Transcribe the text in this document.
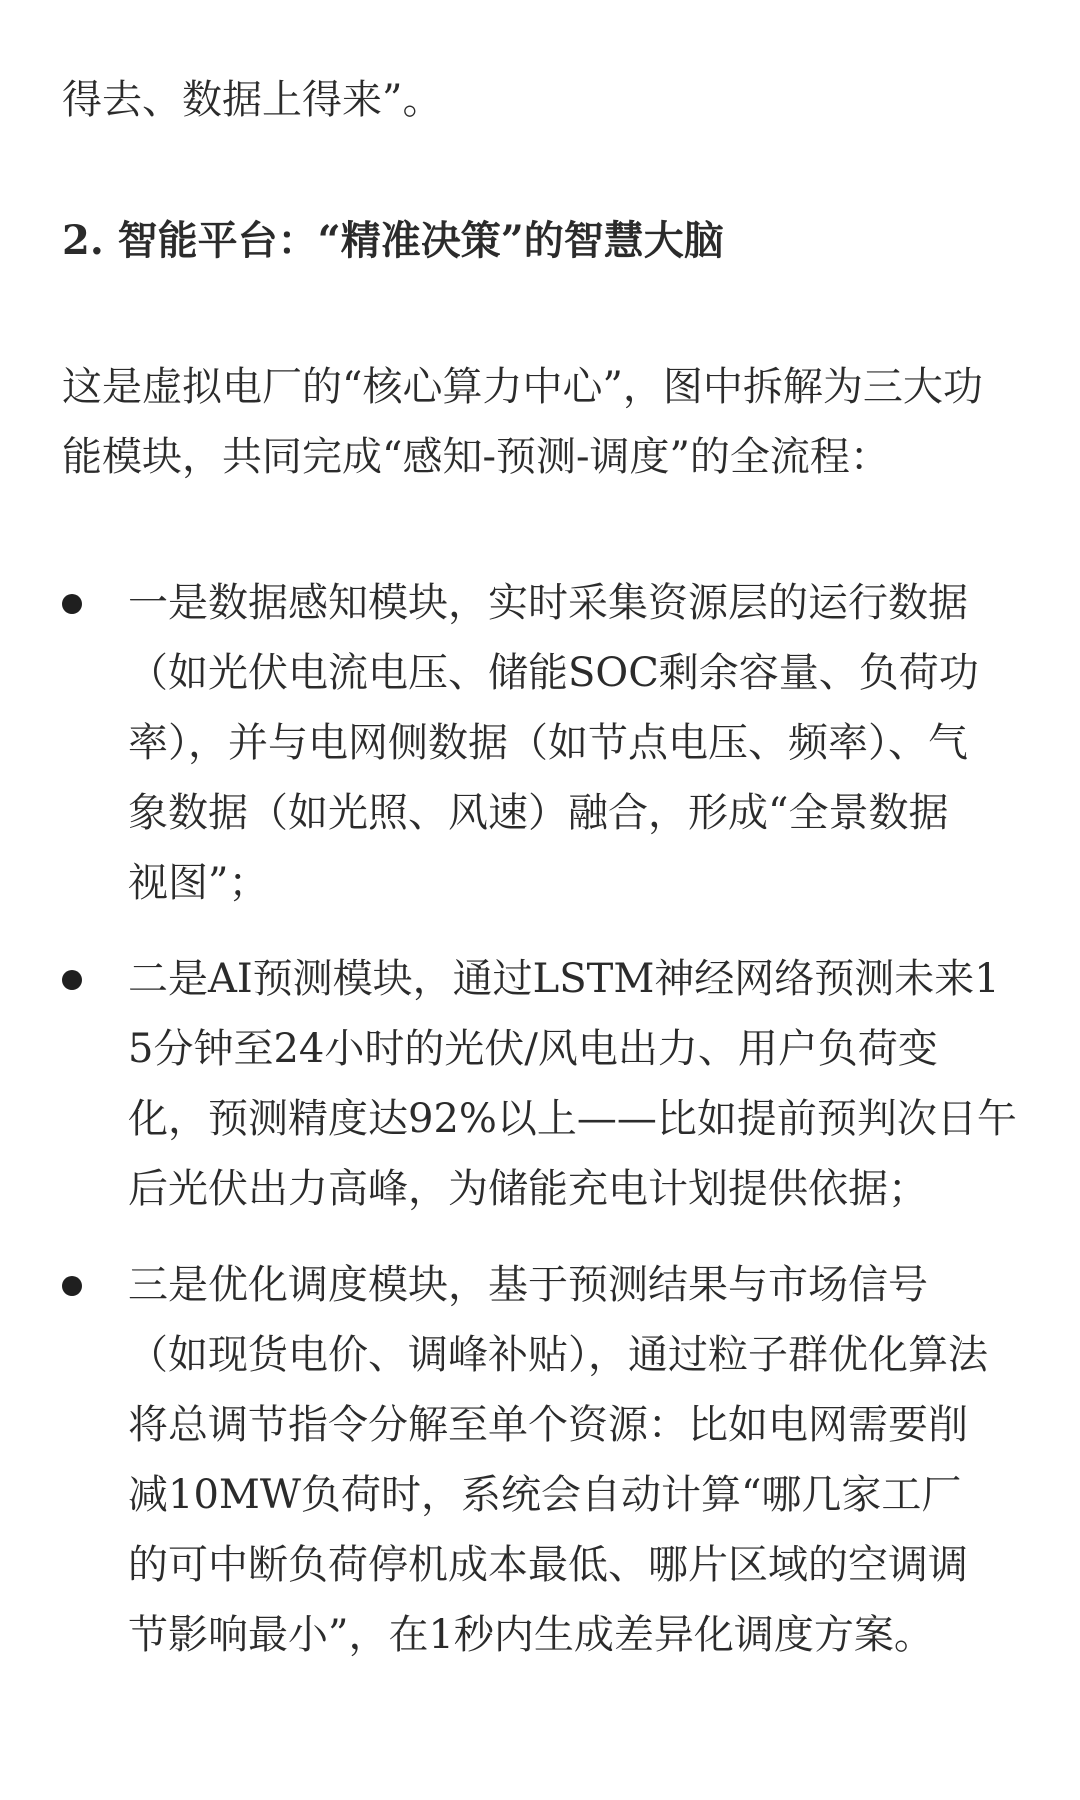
得去、数据上得来”。
2. 智能平台：“精准决策”的智慧大脑
这是虚拟电厂的“核心算力中心”，图中拆解为三大功
能模块，共同完成“感知-预测-调度”的全流程：
一是数据感知模块，实时采集资源层的运行数据
（如光伏电流电压、储能SOC剩余容量、负荷功
率），并与电网侧数据（如节点电压、频率）、气
象数据（如光照、风速）融合，形成“全景数据
视图”；
二是AI预测模块，通过LSTM神经网络预测未来1
5分钟至24小时的光伏/风电出力、用户负荷变
化，预测精度达92%以上——比如提前预判次日午
后光伏出力高峰，为储能充电计划提供依据；
三是优化调度模块，基于预测结果与市场信号
（如现货电价、调峰补贴），通过粒子群优化算法
将总调节指令分解至单个资源：比如电网需要削
减10MW负荷时，系统会自动计算“哪几家工厂
的可中断负荷停机成本最低、哪片区域的空调调
节影响最小”，在1秒内生成差异化调度方案。
